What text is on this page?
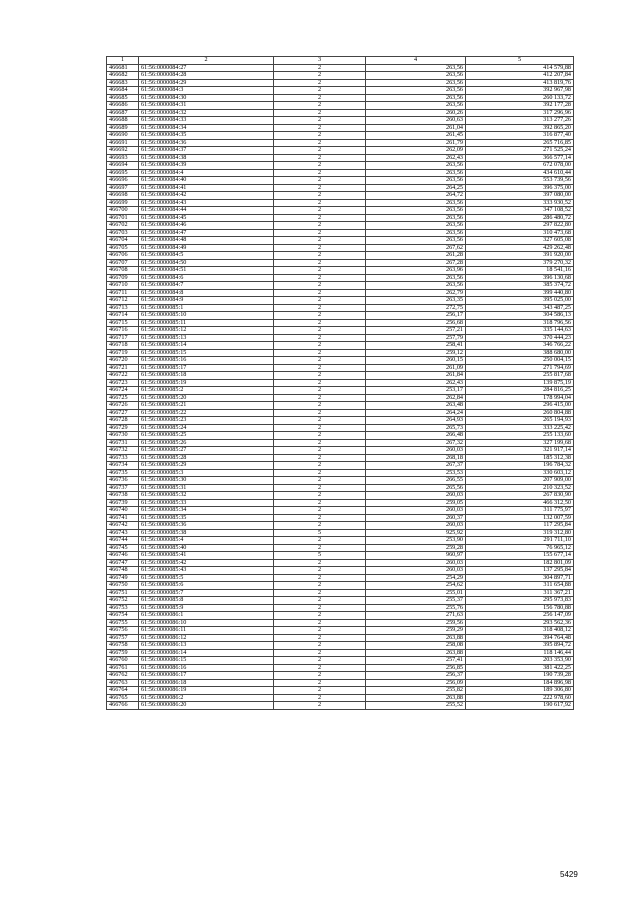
1	2	3	4	5
466681	61:56:0000084:27	2	263,56	414 579,88
466682	61:56:0000084:28	2	263,56	412 207,84
466683	61:56:0000084:29	2	263,56	413 819,76
466684	61:56:0000084:3	2	263,56	392 967,98
466685	61:56:0000084:30	2	263,56	260 133,72
466686	61:56:0000084:31	2	263,56	392 177,28
466687	61:56:0000084:32	2	260,26	317 296,96
466688	61:56:0000084:33	2	260,63	313 277,26
466689	61:56:0000084:34	2	261,04	392 865,20
466690	61:56:0000084:35	2	261,45	316 877,40
466691	61:56:0000084:36	2	261,79	265 716,85
466692	61:56:0000084:37	2	262,09	271 525,24
466693	61:56:0000084:38	2	262,43	366 577,14
466694	61:56:0000084:39	2	263,56	672 078,00
466695	61:56:0000084:4	2	263,56	434 610,44
466696	61:56:0000084:40	2	263,56	553 739,56
466697	61:56:0000084:41	2	264,25	396 375,00
466698	61:56:0000084:42	2	264,72	397 080,00
466699	61:56:0000084:43	2	263,56	333 930,52
466700	61:56:0000084:44	2	263,56	347 108,52
466701	61:56:0000084:45	2	263,56	286 480,72
466702	61:56:0000084:46	2	263,56	297 822,80
466703	61:56:0000084:47	2	263,56	310 473,68
466704	61:56:0000084:48	2	263,56	327 605,08
466705	61:56:0000084:49	2	267,62	429 262,48
466706	61:56:0000084:5	2	261,28	391 920,00
466707	61:56:0000084:50	2	267,28	379 270,32
466708	61:56:0000084:51	2	263,96	18 541,16
466709	61:56:0000084:6	2	263,56	396 130,68
466710	61:56:0000084:7	2	263,56	385 374,72
466711	61:56:0000084:8	2	262,79	399 440,80
466712	61:56:0000084:9	2	263,35	395 025,00
466713	61:56:0000085:1	2	272,75	343 487,25
466714	61:56:0000085:10	2	256,17	304 586,13
466715	61:56:0000085:11	2	256,68	318 796,56
466716	61:56:0000085:12	2	257,21	335 144,63
466717	61:56:0000085:13	2	257,79	370 444,23
466718	61:56:0000085:14	2	258,41	346 766,22
466719	61:56:0000085:15	2	259,12	388 680,00
466720	61:56:0000085:16	2	260,15	250 004,15
466721	61:56:0000085:17	2	261,09	271 794,69
466722	61:56:0000085:18	2	261,84	255 817,68
466723	61:56:0000085:19	2	262,43	139 875,19
466724	61:56:0000085:2	2	253,17	284 816,25
466725	61:56:0000085:20	2	262,84	178 994,04
466726	61:56:0000085:21	2	263,48	296 415,00
466727	61:56:0000085:22	2	264,24	260 804,88
466728	61:56:0000085:23	2	264,93	265 194,93
466729	61:56:0000085:24	2	265,73	333 225,42
466730	61:56:0000085:25	2	266,48	255 133,60
466731	61:56:0000085:26	2	267,32	327 199,68
466732	61:56:0000085:27	2	260,03	321 917,14
466733	61:56:0000085:28	2	268,18	185 312,38
466734	61:56:0000085:29	2	267,37	196 784,32
466735	61:56:0000085:3	2	253,53	330 603,12
466736	61:56:0000085:30	2	266,55	207 909,00
466737	61:56:0000085:31	2	265,56	210 323,52
466738	61:56:0000085:32	2	260,03	267 830,90
466739	61:56:0000085:33	2	259,05	466 312,50
466740	61:56:0000085:34	2	260,03	311 775,97
466741	61:56:0000085:35	2	260,37	132 007,59
466742	61:56:0000085:36	2	260,03	117 295,84
466743	61:56:0000085:38	5	925,92	319 312,80
466744	61:56:0000085:4	2	253,90	291 711,10
466745	61:56:0000085:40	2	259,28	76 965,12
466746	61:56:0000085:41	5	960,97	155 677,14
466747	61:56:0000085:42	2	260,03	182 801,09
466748	61:56:0000085:43	2	260,03	137 295,84
466749	61:56:0000085:5	2	254,29	304 897,71
466750	61:56:0000085:6	2	254,62	311 654,88
466751	61:56:0000085:7	2	255,01	311 367,21
466752	61:56:0000085:8	2	255,37	295 973,83
466753	61:56:0000085:9	2	255,76	156 780,88
466754	61:56:0000086:1	2	271,63	256 147,09
466755	61:56:0000086:10	2	259,56	293 562,36
466756	61:56:0000086:11	2	259,29	318 408,12
466757	61:56:0000086:12	2	263,88	394 764,48
466758	61:56:0000086:13	2	258,08	395 894,72
466759	61:56:0000086:14	2	263,88	118 146,44
466760	61:56:0000086:15	2	257,41	203 353,90
466761	61:56:0000086:16	2	256,85	381 422,25
466762	61:56:0000086:17	2	256,37	190 739,28
466763	61:56:0000086:18	2	256,09	184 896,98
466764	61:56:0000086:19	2	255,82	189 306,80
466765	61:56:0000086:2	2	263,88	222 978,60
466766	61:56:0000086:20	2	255,52	190 617,92
5429
